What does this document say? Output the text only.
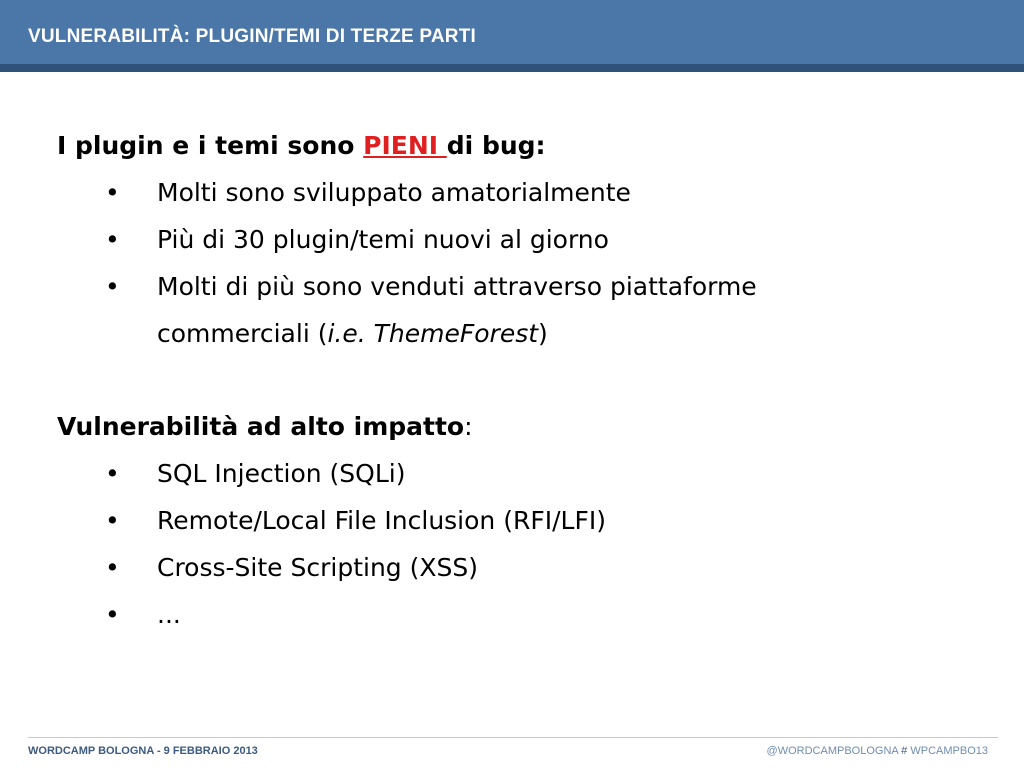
VULNERABILITÀ: PLUGIN/TEMI DI TERZE PARTI
I plugin e i temi sono PIENI di bug:
• Molti sono sviluppato amatorialmente
• Più di 30 plugin/temi nuovi al giorno
• Molti di più sono venduti attraverso piattaforme
commerciali (i.e. ThemeForest)
Vulnerabilità ad alto impatto:
• SQL Injection (SQLi)
• Remote/Local File Inclusion (RFI/LFI)
• Cross-Site Scripting (XSS)
• ...
WORDCAMP BOLOGNA - 9 FEBBRAIO 2013	@WORDCAMPBOLOGNA # WPCAMPBO13
